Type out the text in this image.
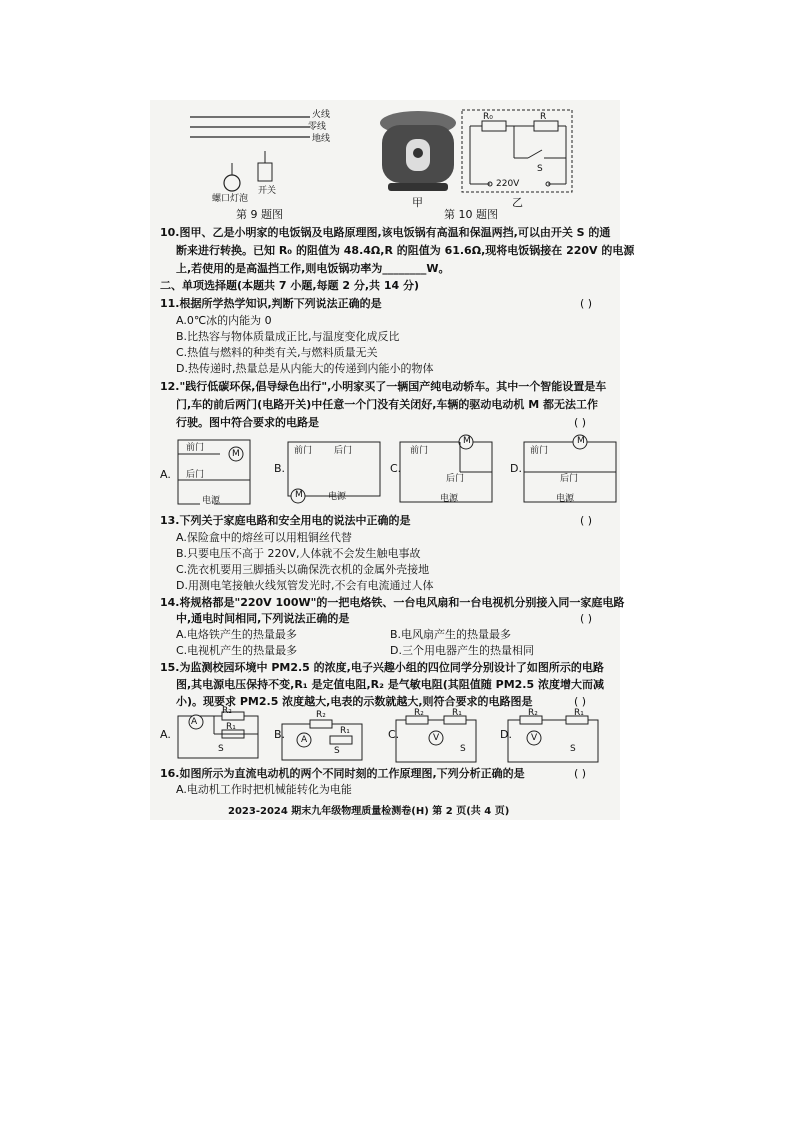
火线
零线
地线
螺口灯泡
开关
第 9 题图
甲
R₀	R
S
220V
乙
第 10 题图
10.图甲、乙是小明家的电饭锅及电路原理图,该电饭锅有高温和保温两挡,可以由开关 S 的通
断来进行转换。已知 R₀ 的阻值为 48.4Ω,R 的阻值为 61.6Ω,现将电饭锅接在 220V 的电源
上,若使用的是高温挡工作,则电饭锅功率为________W。
二、单项选择题(本题共 7 小题,每题 2 分,共 14 分)
11.根据所学热学知识,判断下列说法正确的是	( )
A.0℃冰的内能为 0
B.比热容与物体质量成正比,与温度变化成反比
C.热值与燃料的种类有关,与燃料质量无关
D.热传递时,热量总是从内能大的传递到内能小的物体
12."践行低碳环保,倡导绿色出行",小明家买了一辆国产纯电动轿车。其中一个智能设置是车
门,车的前后两门(电路开关)中任意一个门没有关闭好,车辆的驱动电动机 M 都无法工作
行驶。图中符合要求的电路是	( )
A.	B.	C.	D.
前门
后门
电源
M	前门 后门
电源
M
前门
后门
电源
M
前门
后门
电源
M
13.下列关于家庭电路和安全用电的说法中正确的是	( )
A.保险盒中的熔丝可以用粗铜丝代替
B.只要电压不高于 220V,人体就不会发生触电事故
C.洗衣机要用三脚插头以确保洗衣机的金属外壳接地
D.用测电笔接触火线氖管发光时,不会有电流通过人体
14.将规格都是"220V 100W"的一把电烙铁、一台电风扇和一台电视机分别接入同一家庭电路
中,通电时间相同,下列说法正确的是	( )
A.电烙铁产生的热量最多	B.电风扇产生的热量最多
C.电视机产生的热量最多	D.三个用电器产生的热量相同
15.为监测校园环境中 PM2.5 的浓度,电子兴趣小组的四位同学分别设计了如图所示的电路
图,其电源电压保持不变,R₁ 是定值电阻,R₂ 是气敏电阻(其阻值随 PM2.5 浓度增大而减
小)。现要求 PM2.5 浓度越大,电表的示数就越大,则符合要求的电路图是	( )
A.	B.	C.	D.
A
R₂
R₁
S
A
R₂
R₁
S
V
R₂	R₁
S
V
R₂	R₁
S
16.如图所示为直流电动机的两个不同时刻的工作原理图,下列分析正确的是	( )
A.电动机工作时把机械能转化为电能
2023-2024 期末九年级物理质量检测卷(H) 第 2 页(共 4 页)
